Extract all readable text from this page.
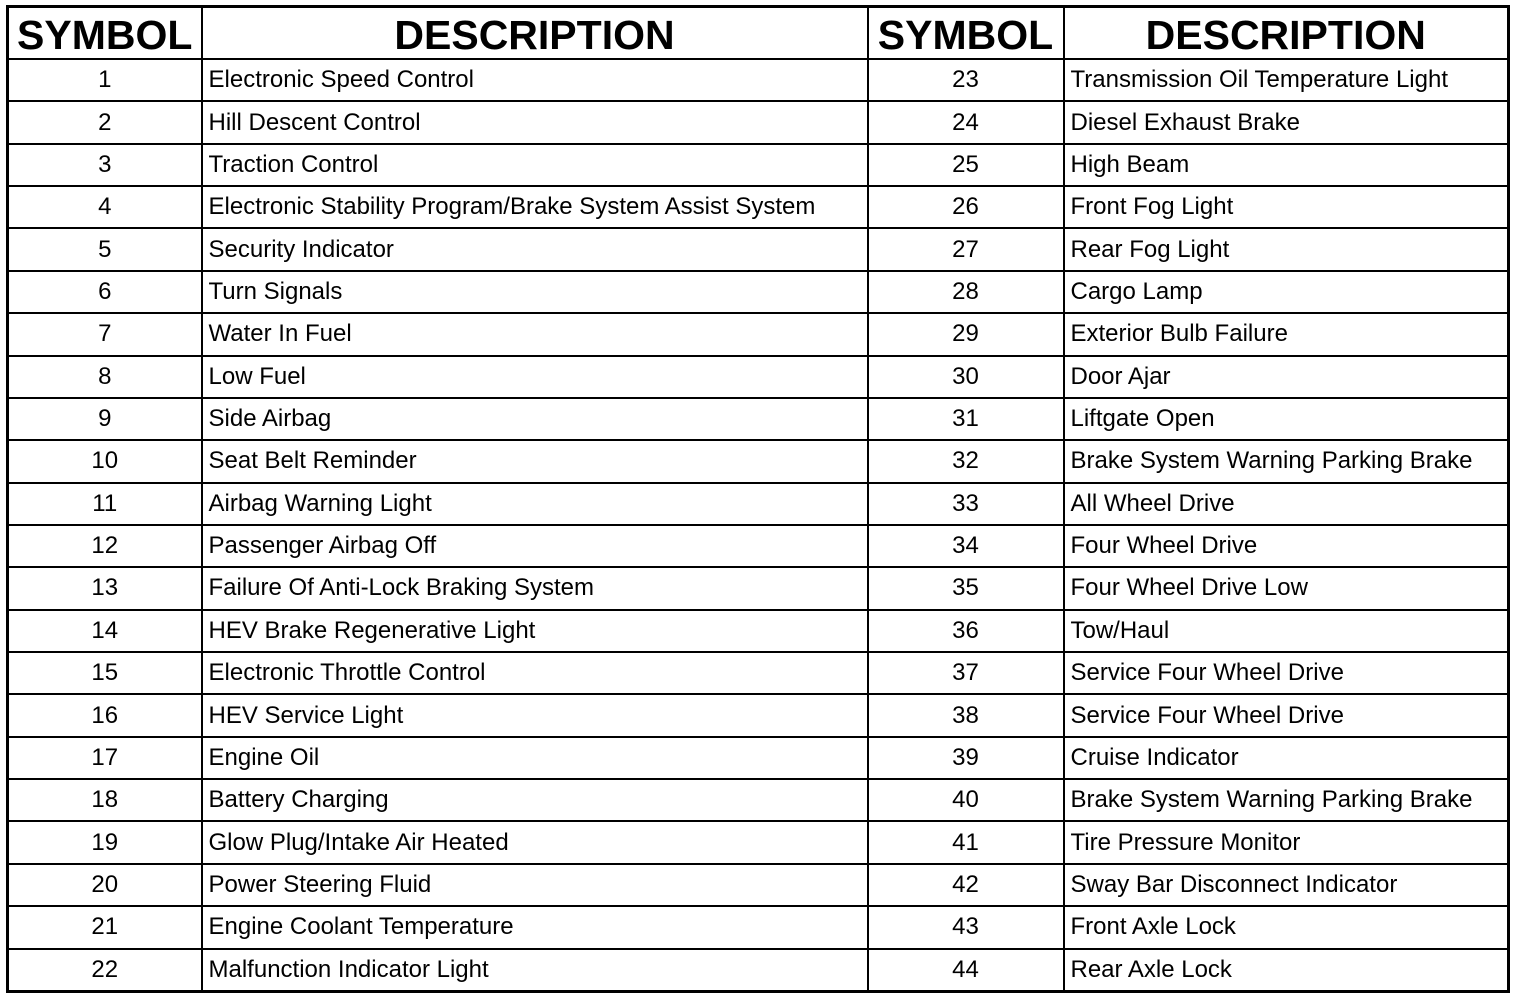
SYMBOL	DESCRIPTION	SYMBOL	DESCRIPTION
1	Electronic Speed Control	23	Transmission Oil Temperature Light
2	Hill Descent Control	24	Diesel Exhaust Brake
3	Traction Control	25	High Beam
4	Electronic Stability Program/Brake System Assist System	26	Front Fog Light
5	Security Indicator	27	Rear Fog Light
6	Turn Signals	28	Cargo Lamp
7	Water In Fuel	29	Exterior Bulb Failure
8	Low Fuel	30	Door Ajar
9	Side Airbag	31	Liftgate Open
10	Seat Belt Reminder	32	Brake System Warning Parking Brake
11	Airbag Warning Light	33	All Wheel Drive
12	Passenger Airbag Off	34	Four Wheel Drive
13	Failure Of Anti-Lock Braking System	35	Four Wheel Drive Low
14	HEV Brake Regenerative Light	36	Tow/Haul
15	Electronic Throttle Control	37	Service Four Wheel Drive
16	HEV Service Light	38	Service Four Wheel Drive
17	Engine Oil	39	Cruise Indicator
18	Battery Charging	40	Brake System Warning Parking Brake
19	Glow Plug/Intake Air Heated	41	Tire Pressure Monitor
20	Power Steering Fluid	42	Sway Bar Disconnect Indicator
21	Engine Coolant Temperature	43	Front Axle Lock
22	Malfunction Indicator Light	44	Rear Axle Lock
